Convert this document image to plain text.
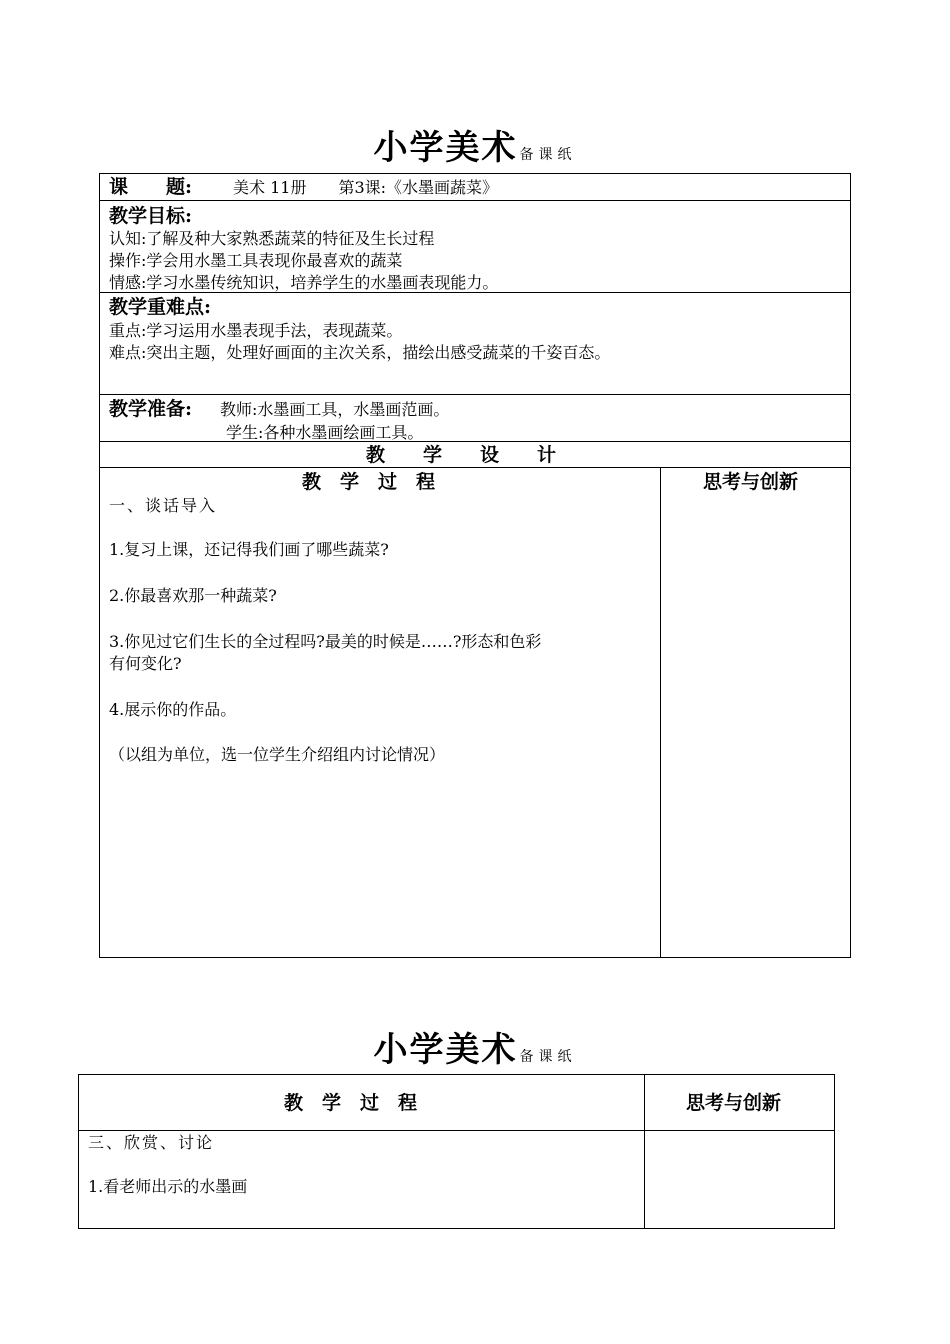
小学美术 备课纸
课　　题:	美术 11册　　第3课:《水墨画蔬菜》
教学目标:
认知:了解及种大家熟悉蔬菜的特征及生长过程
操作:学会用水墨工具表现你最喜欢的蔬菜
情感:学习水墨传统知识，培养学生的水墨画表现能力。
教学重难点:
重点:学习运用水墨表现手法，表现蔬菜。
难点:突出主题，处理好画面的主次关系，描绘出感受蔬菜的千姿百态。
教学准备: 教师:水墨画工具，水墨画范画。
学生:各种水墨画绘画工具。
教　　学　　设　　计
教　学　过　程	思考与创新
一、谈话导入
1.复习上课，还记得我们画了哪些蔬菜?
2.你最喜欢那一种蔬菜?
3.你见过它们生长的全过程吗?最美的时候是……?形态和色彩
有何变化?
4.展示你的作品。
（以组为单位，选一位学生介绍组内讨论情况）
小学美术 备课纸
教　学　过　程	思考与创新
三、欣赏、讨论
1.看老师出示的水墨画
